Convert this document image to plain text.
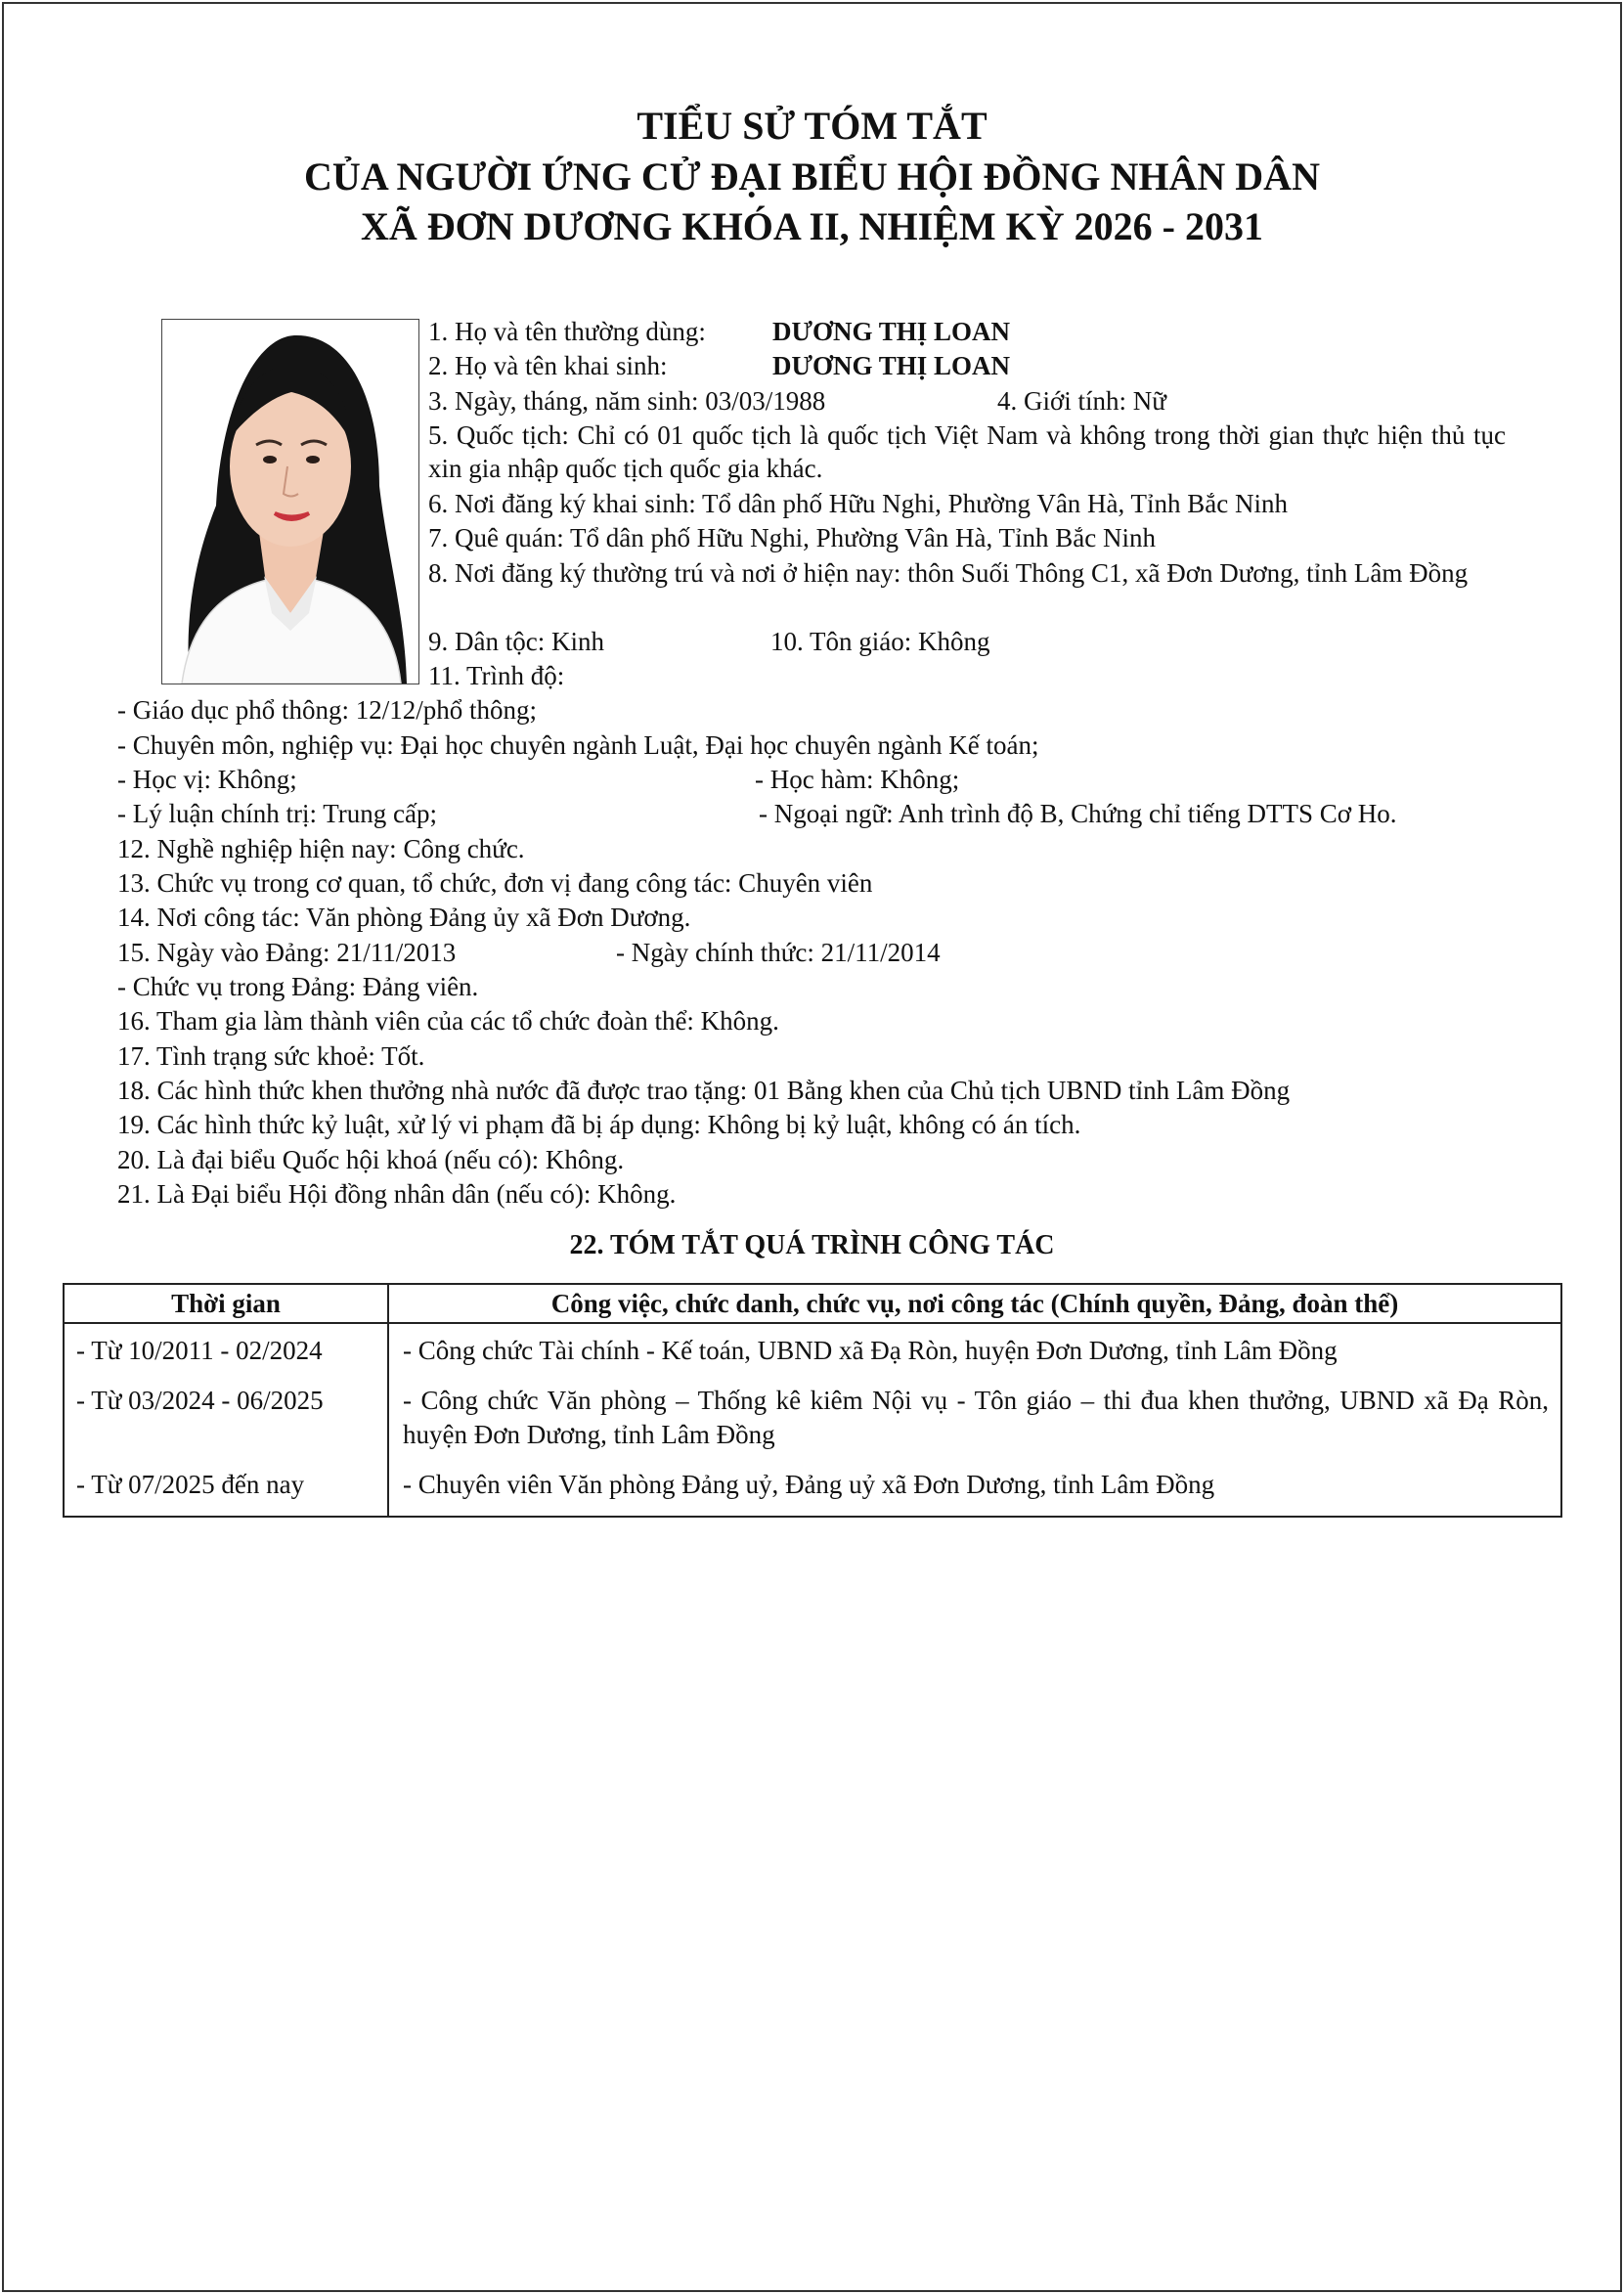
TIỂU SỬ TÓM TẮT
CỦA NGƯỜI ỨNG CỬ ĐẠI BIỂU HỘI ĐỒNG NHÂN DÂN
XÃ ĐƠN DƯƠNG KHÓA II, NHIỆM KỲ 2026 - 2031
1. Họ và tên thường dùng:	DƯƠNG THỊ LOAN
2. Họ và tên khai sinh:	DƯƠNG THỊ LOAN
3. Ngày, tháng, năm sinh: 03/03/1988	4. Giới tính: Nữ
5. Quốc tịch: Chỉ có 01 quốc tịch là quốc tịch Việt Nam và không trong thời gian thực hiện thủ tục xin gia nhập quốc tịch quốc gia khác.
6. Nơi đăng ký khai sinh: Tổ dân phố Hữu Nghi, Phường Vân Hà, Tỉnh Bắc Ninh
7. Quê quán: Tổ dân phố Hữu Nghi, Phường Vân Hà, Tỉnh Bắc Ninh
8. Nơi đăng ký thường trú và nơi ở hiện nay: thôn Suối Thông C1, xã Đơn Dương, tỉnh Lâm Đồng
9. Dân tộc: Kinh	10. Tôn giáo: Không
11. Trình độ:
- Giáo dục phổ thông: 12/12/phổ thông;
- Chuyên môn, nghiệp vụ: Đại học chuyên ngành Luật, Đại học chuyên ngành Kế toán;
- Học vị: Không;	- Học hàm: Không;
- Lý luận chính trị: Trung cấp;	- Ngoại ngữ: Anh trình độ B, Chứng chỉ tiếng DTTS Cơ Ho.
12. Nghề nghiệp hiện nay: Công chức.
13. Chức vụ trong cơ quan, tổ chức, đơn vị đang công tác: Chuyên viên
14. Nơi công tác: Văn phòng Đảng ủy xã Đơn Dương.
15. Ngày vào Đảng: 21/11/2013	- Ngày chính thức: 21/11/2014
- Chức vụ trong Đảng: Đảng viên.
16. Tham gia làm thành viên của các tổ chức đoàn thể: Không.
17. Tình trạng sức khoẻ: Tốt.
18. Các hình thức khen thưởng nhà nước đã được trao tặng: 01 Bằng khen của Chủ tịch UBND tỉnh Lâm Đồng
19. Các hình thức kỷ luật, xử lý vi phạm đã bị áp dụng: Không bị kỷ luật, không có án tích.
20. Là đại biểu Quốc hội khoá (nếu có): Không.
21. Là Đại biểu Hội đồng nhân dân (nếu có): Không.
22. TÓM TẮT QUÁ TRÌNH CÔNG TÁC
Thời gian	Công việc, chức danh, chức vụ, nơi công tác (Chính quyền, Đảng, đoàn thể)
- Từ 10/2011 - 02/2024	- Công chức Tài chính - Kế toán, UBND xã Đạ Ròn, huyện Đơn Dương, tỉnh Lâm Đồng
- Từ 03/2024 - 06/2025	- Công chức Văn phòng – Thống kê kiêm Nội vụ - Tôn giáo – thi đua khen thưởng, UBND xã Đạ Ròn, huyện Đơn Dương, tỉnh Lâm Đồng
- Từ 07/2025 đến nay	- Chuyên viên Văn phòng Đảng uỷ, Đảng uỷ xã Đơn Dương, tỉnh Lâm Đồng
